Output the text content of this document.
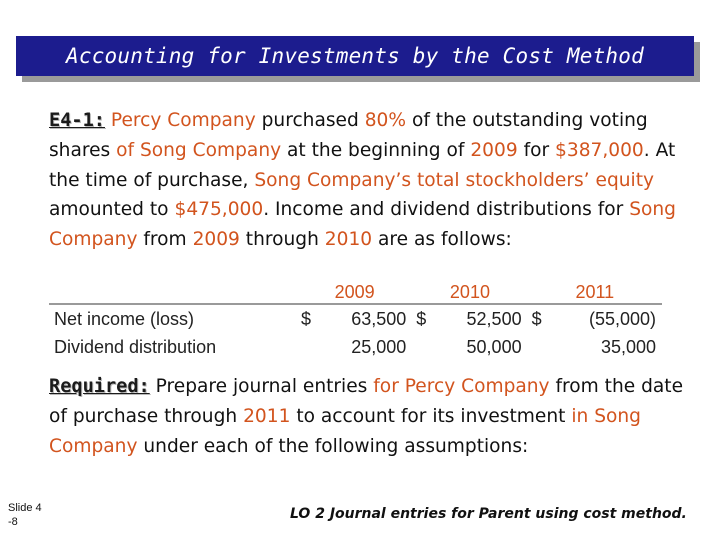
Accounting for Investments by the Cost Method
E4-1: Percy Company purchased 80% of the outstanding voting shares of Song Company at the beginning of 2009 for $387,000. At the time of purchase, Song Company’s total stockholders’ equity amounted to $475,000. Income and dividend distributions for Song Company from 2009 through 2010 are as follows:
	2009		2010		2011	
Net income (loss)	$	63,500	$	52,500	$	(55,000)
Dividend distribution		25,000		50,000		35,000
Required: Prepare journal entries for Percy Company from the date of purchase through 2011 to account for its investment in Song Company under each of the following assumptions:
Slide 4 -8	LO 2 Journal entries for Parent using cost method.
